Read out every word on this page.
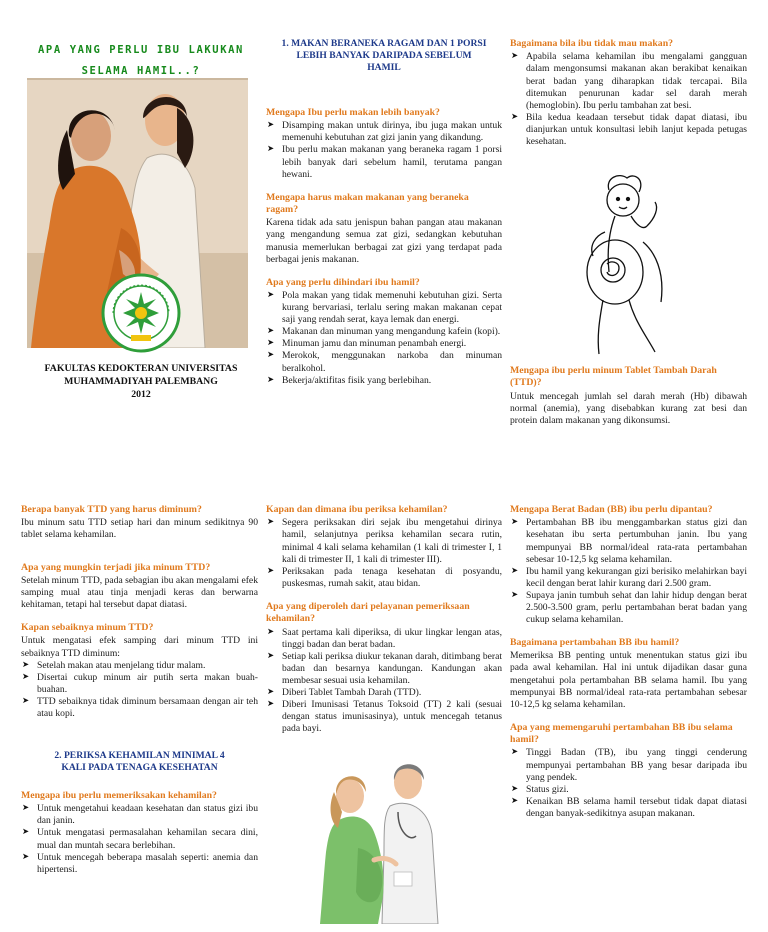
APA YANG PERLU IBU LAKUKAN
SELAMA HAMIL..?
FAKULTAS KEDOKTERAN UNIVERSITAS
MUHAMMADIYAH PALEMBANG
2012
1. MAKAN BERANEKA RAGAM DAN 1 PORSI LEBIH BANYAK DARIPADA SEBELUM HAMIL
Mengapa Ibu perlu makan lebih banyak?
➤ Disamping makan untuk dirinya, ibu juga makan untuk memenuhi kebutuhan zat gizi janin yang dikandung.
➤ Ibu perlu makan makanan yang beraneka ragam 1 porsi lebih banyak dari sebelum hamil, terutama pangan hewani.
Mengapa harus makan makanan yang beraneka ragam?
Karena tidak ada satu jenispun bahan pangan atau makanan yang mengandung semua zat gizi, sedangkan kebutuhan manusia memerlukan berbagai zat gizi yang terdapat pada berbagai jenis makanan.
Apa yang perlu dihindari ibu hamil?
➤ Pola makan yang tidak memenuhi kebutuhan gizi. Serta kurang bervariasi, terlalu sering makan makanan cepat saji yang rendah serat, kaya lemak dan energi.
➤ Makanan dan minuman yang mengandung kafein (kopi).
➤ Minuman jamu dan minuman penambah energi.
➤ Merokok, menggunakan narkoba dan minuman beralkohol.
➤ Bekerja/aktifitas fisik yang berlebihan.
Bagaimana bila ibu tidak mau makan?
➤ Apabila selama kehamilan ibu mengalami gangguan dalam mengonsumsi makanan akan berakibat kenaikan berat badan yang diharapkan tidak tercapai. Bila ditemukan penurunan kadar sel darah merah (hemoglobin). Ibu perlu tambahan zat besi.
➤ Bila kedua keadaan tersebut tidak dapat diatasi, ibu dianjurkan untuk konsultasi lebih lanjut kepada petugas kesehatan.
Mengapa ibu perlu minum Tablet Tambah Darah (TTD)?
Untuk mencegah jumlah sel darah merah (Hb) dibawah normal (anemia), yang disebabkan kurang zat besi dan protein dalam makanan yang dikonsumsi.
Berapa banyak TTD yang harus diminum?
Ibu minum satu TTD setiap hari dan minum sedikitnya 90 tablet selama kehamilan.
Apa yang mungkin terjadi jika minum TTD?
Setelah minum TTD, pada sebagian ibu akan mengalami efek samping mual atau tinja menjadi keras dan berwarna kehitaman, tetapi hal tersebut dapat diatasi.
Kapan sebaiknya minum TTD?
Untuk mengatasi efek samping dari minum TTD ini sebaiknya TTD diminum:
➤ Setelah makan atau menjelang tidur malam.
➤ Disertai cukup minum air putih serta makan buah-buahan.
➤ TTD sebaiknya tidak diminum bersamaan dengan air teh atau kopi.
2. PERIKSA KEHAMILAN MINIMAL 4 KALI PADA TENAGA KESEHATAN
Mengapa ibu perlu memeriksakan kehamilan?
➤ Untuk mengetahui keadaan kesehatan dan status gizi ibu dan janin.
➤ Untuk mengatasi permasalahan kehamilan secara dini, mual dan muntah secara berlebihan.
➤ Untuk mencegah beberapa masalah seperti: anemia dan hipertensi.
Kapan dan dimana ibu periksa kehamilan?
➤ Segera periksakan diri sejak ibu mengetahui dirinya hamil, selanjutnya periksa kehamilan secara rutin, minimal 4 kali selama kehamilan (1 kali di trimester I, 1 kali di trimester II, 1 kali di trimester III).
➤ Periksakan pada tenaga kesehatan di posyandu, puskesmas, rumah sakit, atau bidan.
Apa yang diperoleh dari pelayanan pemeriksaan kehamilan?
➤ Saat pertama kali diperiksa, di ukur lingkar lengan atas, tinggi badan dan berat badan.
➤ Setiap kali periksa diukur tekanan darah, ditimbang berat badan dan besarnya kandungan. Kandungan akan membesar sesuai usia kehamilan.
➤ Diberi Tablet Tambah Darah (TTD).
➤ Diberi Imunisasi Tetanus Toksoid (TT) 2 kali (sesuai dengan status imunisasinya), untuk mencegah tetanus pada bayi.
Mengapa Berat Badan (BB) ibu perlu dipantau?
➤ Pertambahan BB ibu menggambarkan status gizi dan kesehatan ibu serta pertumbuhan janin. Ibu yang mempunyai BB normal/ideal rata-rata pertambahan sebesar 10-12,5 kg selama kehamilan.
➤ Ibu hamil yang kekurangan gizi berisiko melahirkan bayi kecil dengan berat lahir kurang dari 2.500 gram.
➤ Supaya janin tumbuh sehat dan lahir hidup dengan berat 2.500-3.500 gram, perlu pertambahan berat badan yang cukup selama kehamilan.
Bagaimana pertambahan BB ibu hamil?
Memeriksa BB penting untuk menentukan status gizi ibu pada awal kehamilan. Hal ini untuk dijadikan dasar guna mengetahui pola pertambahan BB selama hamil. Ibu yang mempunyai BB normal/ideal rata-rata pertambahan sebesar 10-12,5 kg selama kehamilan.
Apa yang memengaruhi pertambahan BB ibu selama hamil?
➤ Tinggi Badan (TB), ibu yang tinggi cenderung mempunyai pertambahan BB yang besar daripada ibu yang pendek.
➤ Status gizi.
➤ Kenaikan BB selama hamil tersebut tidak dapat diatasi dengan banyak-sedikitnya asupan makanan.
